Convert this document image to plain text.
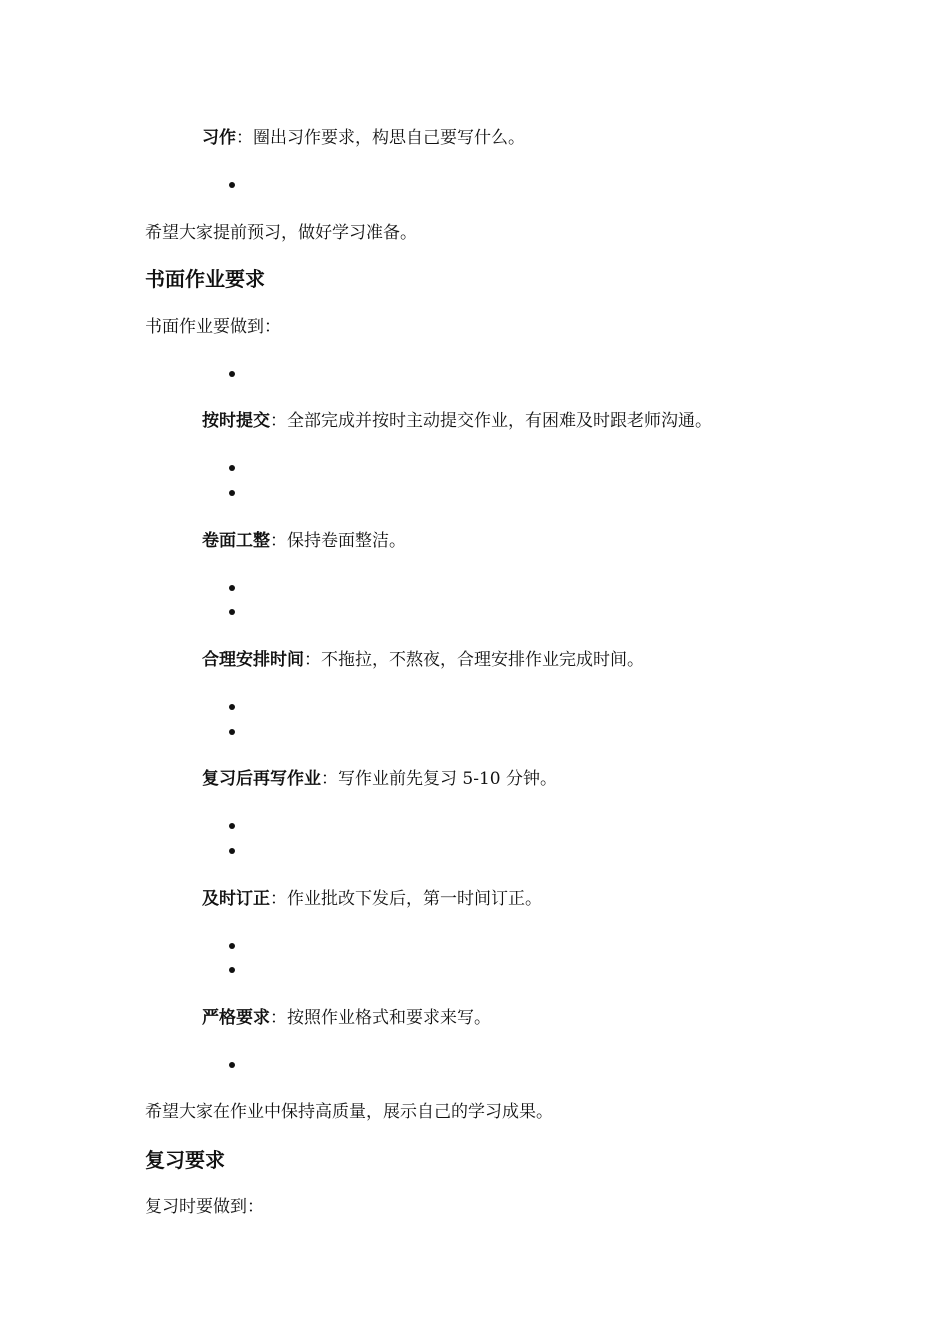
习作：圈出习作要求，构思自己要写什么。
希望大家提前预习，做好学习准备。
书面作业要求
书面作业要做到：
按时提交：全部完成并按时主动提交作业，有困难及时跟老师沟通。
卷面工整：保持卷面整洁。
合理安排时间：不拖拉，不熬夜，合理安排作业完成时间。
复习后再写作业：写作业前先复习 5-10 分钟。
及时订正：作业批改下发后，第一时间订正。
严格要求：按照作业格式和要求来写。
希望大家在作业中保持高质量，展示自己的学习成果。
复习要求
复习时要做到：
